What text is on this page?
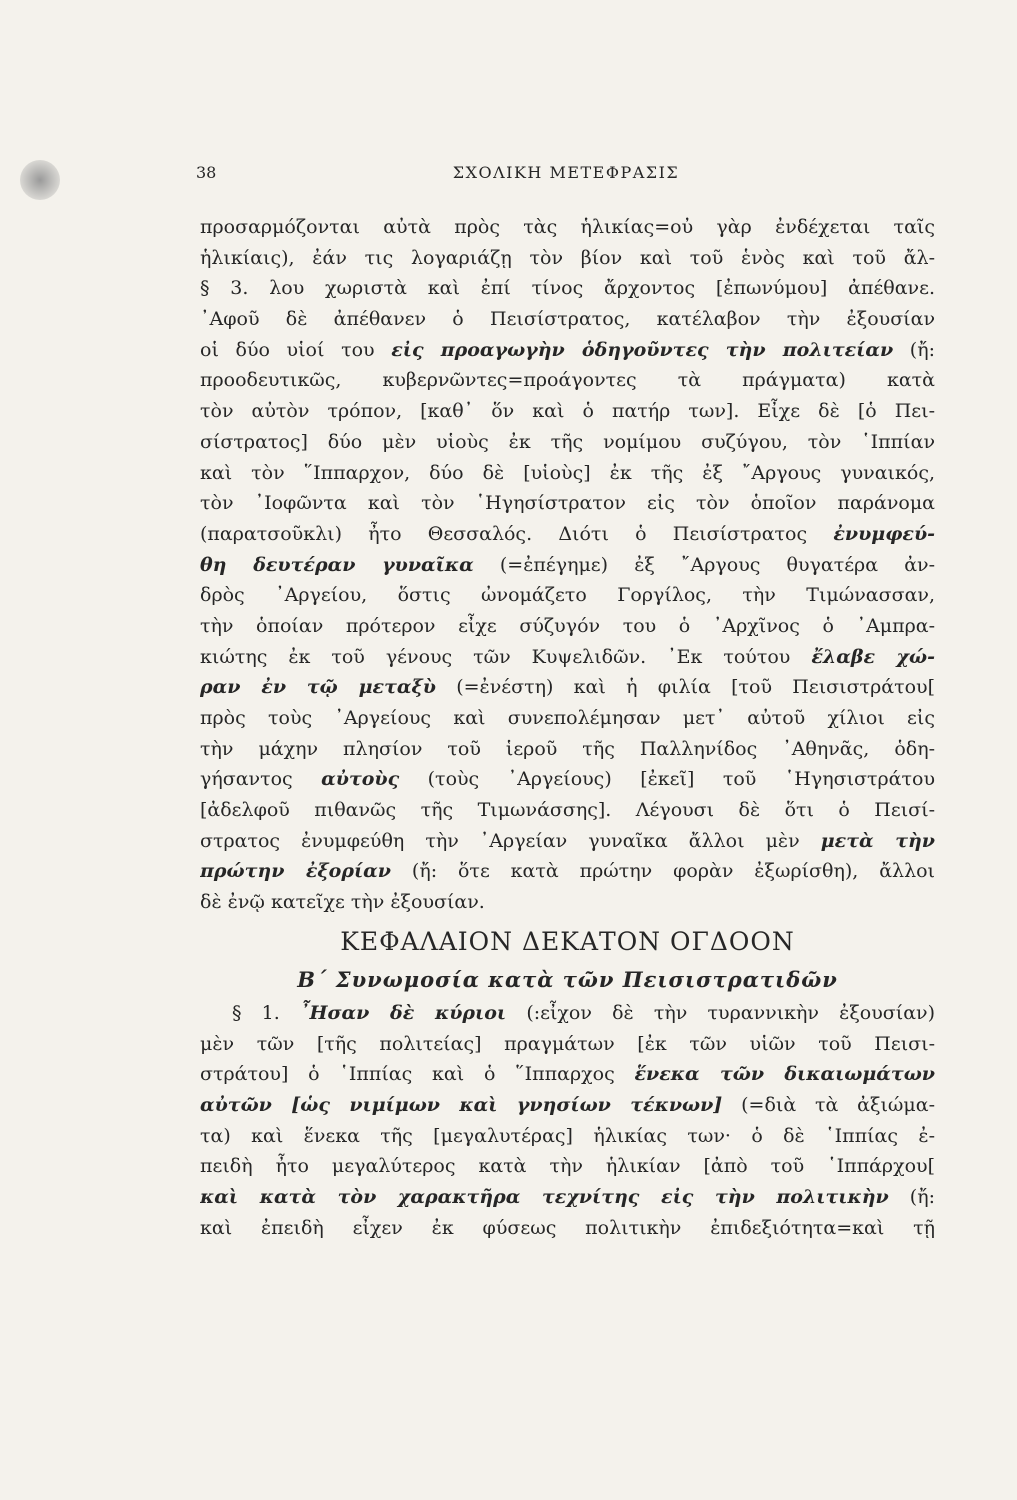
38	ΣΧΟΛΙΚΗ ΜΕΤΕΦΡΑΣΙΣ
προσαρμόζονται αὐτὰ πρὸς τὰς ἡλικίας=οὐ γὰρ ἐνδέχεται ταῖς
ἡλικίαις), ἐάν τις λογαριάζῃ τὸν βίον καὶ τοῦ ἑνὸς καὶ τοῦ ἄλ-
§ 3. λου χωριστὰ καὶ ἐπί τίνος ἄρχοντος [ἐπωνύμου] ἀπέθανε.
᾿Αφοῦ δὲ ἀπέθανεν ὁ Πεισίστρατος, κατέλαβον τὴν ἐξουσίαν
οἱ δύο υἱοί του εἰς προαγωγὴν ὁδηγοῦντες τὴν πολιτείαν (ἤ:
προοδευτικῶς, κυβερνῶντες=προάγοντες τὰ πράγματα) κατὰ
τὸν αὐτὸν τρόπον, [καθ᾿ ὅν καὶ ὁ πατήρ των]. Εἶχε δὲ [ὁ Πει-
σίστρατος] δύο μὲν υἱοὺς ἐκ τῆς νομίμου συζύγου, τὸν ῾Ιππίαν
καὶ τὸν ῞Ιππαρχον, δύο δὲ [υἱοὺς] ἐκ τῆς ἐξ ῎Αργους γυναικός,
τὸν ᾿Ιοφῶντα καὶ τὸν ῾Ηγησίστρατον εἰς τὸν ὁποῖον παράνομα
(παρατσοῦκλι) ἦτο Θεσσαλός. Διότι ὁ Πεισίστρατος ἐνυμφεύ-
θη δευτέραν γυναῖκα (=ἐπέγημε) ἐξ ῎Αργους θυγατέρα ἀν-
δρὸς ᾿Αργείου, ὅστις ὠνομάζετο Γοργίλος, τὴν Τιμώνασσαν,
τὴν ὁποίαν πρότερον εἶχε σύζυγόν του ὁ ᾿Αρχῖνος ὁ ᾿Αμπρα-
κιώτης ἐκ τοῦ γένους τῶν Κυψελιδῶν. ᾿Εκ τούτου ἔλαβε χώ-
ραν ἐν τῷ μεταξὺ (=ἐνέστη) καὶ ἡ φιλία [τοῦ Πεισιστράτου[
πρὸς τοὺς ᾿Αργείους καὶ συνεπολέμησαν μετ᾿ αὐτοῦ χίλιοι εἰς
τὴν μάχην πλησίον τοῦ ἱεροῦ τῆς Παλληνίδος ᾿Αθηνᾶς, ὁδη-
γήσαντος αὐτοὺς (τοὺς ᾿Αργείους) [ἐκεῖ] τοῦ ῾Ηγησιστράτου
[ἀδελφοῦ πιθανῶς τῆς Τιμωνάσσης]. Λέγουσι δὲ ὅτι ὁ Πεισί-
στρατος ἐνυμφεύθη τὴν ᾿Αργείαν γυναῖκα ἄλλοι μὲν μετὰ τὴν
πρώτην ἐξορίαν (ἤ: ὅτε κατὰ πρώτην φορὰν ἐξωρίσθη), ἄλλοι
δὲ ἐνῷ κατεῖχε τὴν ἐξουσίαν.
ΚΕΦΑΛΑΙΟΝ ΔΕΚΑΤΟΝ ΟΓΔΟΟΝ
Β΄ Συνωμοσία κατὰ τῶν Πεισιστρατιδῶν
§ 1. ῏Ησαν δὲ κύριοι (:εἶχον δὲ τὴν τυραννικὴν ἐξουσίαν)
μὲν τῶν [τῆς πολιτείας] πραγμάτων [ἐκ τῶν υἱῶν τοῦ Πεισι-
στράτου] ὁ ῾Ιππίας καὶ ὁ ῞Ιππαρχος ἕνεκα τῶν δικαιωμάτων
αὐτῶν [ὡς νιμίμων καὶ γνησίων τέκνων] (=διὰ τὰ ἀξιώμα-
τα) καὶ ἕνεκα τῆς [μεγαλυτέρας] ἡλικίας των· ὁ δὲ ῾Ιππίας ἐ-
πειδὴ ἦτο μεγαλύτερος κατὰ τὴν ἡλικίαν [ἀπὸ τοῦ ῾Ιππάρχου[
καὶ κατὰ τὸν χαρακτῆρα τεχνίτης εἰς τὴν πολιτικὴν (ἤ:
καὶ ἐπειδὴ εἶχεν ἐκ φύσεως πολιτικὴν ἐπιδεξιότητα=καὶ τῇ
